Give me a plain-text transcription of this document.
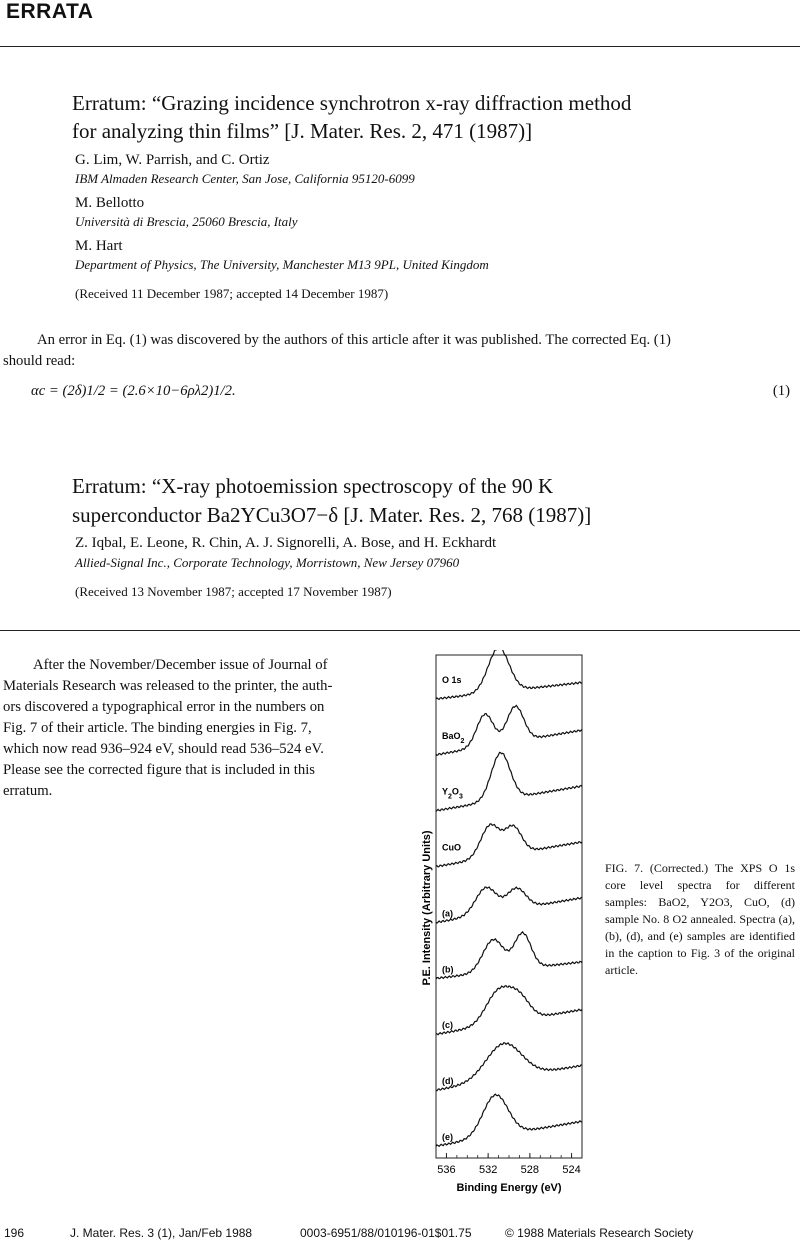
ERRATA
Erratum: “Grazing incidence synchrotron x-ray diffraction method
for analyzing thin films” [J. Mater. Res. 2, 471 (1987)]
G. Lim, W. Parrish, and C. Ortiz
IBM Almaden Research Center, San Jose, California 95120-6099
M. Bellotto
Università di Brescia, 25060 Brescia, Italy
M. Hart
Department of Physics, The University, Manchester M13 9PL, United Kingdom
(Received 11 December 1987; accepted 14 December 1987)
An error in Eq. (1) was discovered by the authors of this article after it was published. The corrected Eq. (1)
should read:
αc = (2δ)1/2 = (2.6×10−6ρλ2)1/2.	(1)
Erratum: “X-ray photoemission spectroscopy of the 90 K
superconductor Ba2YCu3O7−δ [J. Mater. Res. 2, 768 (1987)]
Z. Iqbal, E. Leone, R. Chin, A. J. Signorelli, A. Bose, and H. Eckhardt
Allied-Signal Inc., Corporate Technology, Morristown, New Jersey 07960
(Received 13 November 1987; accepted 17 November 1987)
After the November/December issue of Journal of
Materials Research was released to the printer, the auth-
ors discovered a typographical error in the numbers on
Fig. 7 of their article. The binding energies in Fig. 7,
which now read 936–924 eV, should read 536–524 eV.
Please see the corrected figure that is included in this
erratum.
O 1s
BaO$_2$
$Y_2O_3$
CuO
(a)
(b)
(c)
(d)
(e)
536 532 528 524
P.E. Intensity (Arbitrary Units)
Binding Energy (eV)
FIG. 7. (Corrected.) The XPS O 1s core level spectra for different samples: BaO2, Y2O3, CuO, (d) sample No. 8 O2 annealed. Spectra (a), (b), (d), and (e) samples are identified in the caption to Fig. 3 of the original article.
196	J. Mater. Res. 3 (1), Jan/Feb 1988	0003-6951/88/010196-01$01.75	© 1988 Materials Research Society
